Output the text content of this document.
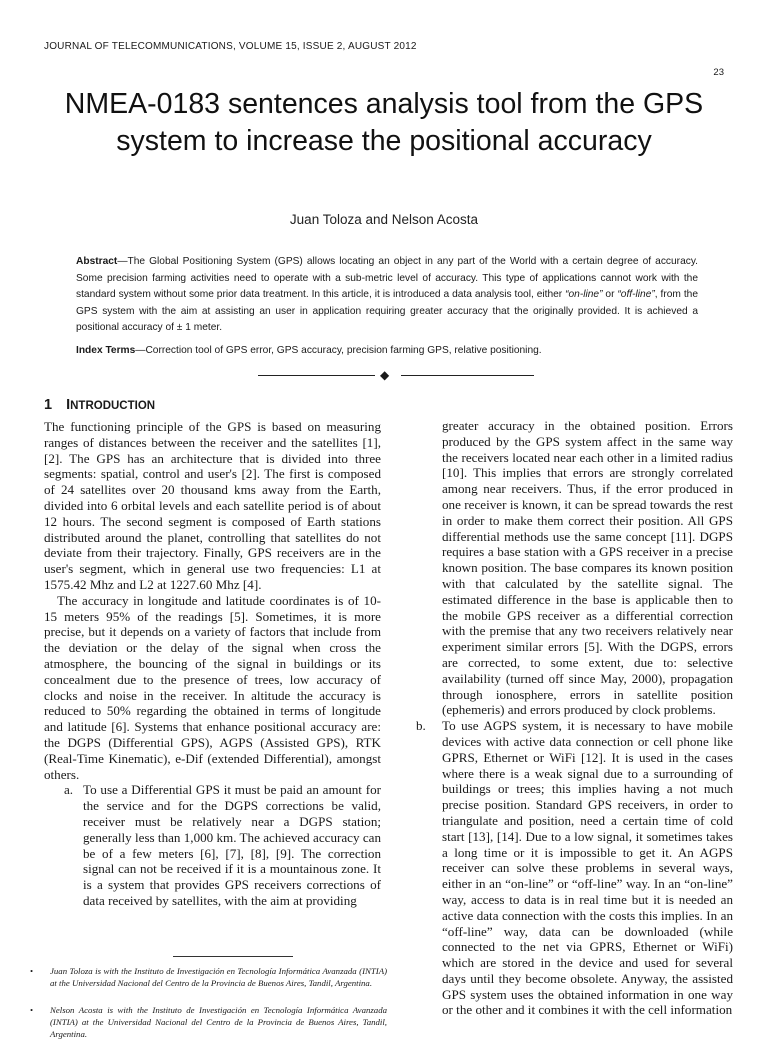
JOURNAL OF TELECOMMUNICATIONS, VOLUME 15, ISSUE 2, AUGUST 2012
23
NMEA-0183 sentences analysis tool from the GPS system to increase the positional accuracy
Juan Toloza and Nelson Acosta
Abstract—The Global Positioning System (GPS) allows locating an object in any part of the World with a certain degree of accuracy. Some precision farming activities need to operate with a sub-metric level of accuracy. This type of applications cannot work with the standard system without some prior data treatment. In this article, it is introduced a data analysis tool, either “on-line” or “off-line”, from the GPS system with the aim at assisting an user in application requiring greater accuracy that the originally provided. It is achieved a positional accuracy of ± 1 meter.
Index Terms—Correction tool of GPS error, GPS accuracy, precision farming GPS, relative positioning.
◆
1 INTRODUCTION

The functioning principle of the GPS is based on measuring ranges of distances between the receiver and the satellites [1], [2]. The GPS has an architecture that is divided into three segments: spatial, control and user's [2]. The first is composed of 24 satellites over 20 thousand kms away from the Earth, divided into 6 orbital levels and each satellite period is of about 12 hours. The second segment is composed of Earth stations distributed around the planet, controlling that satellites do not deviate from their trajectory. Finally, GPS receivers are in the user's segment, which in general use two frequencies: L1 at 1575.42 Mhz and L2 at 1227.60 Mhz [4].

The accuracy in longitude and latitude coordinates is of 10-15 meters 95% of the readings [5]. Sometimes, it is more precise, but it depends on a variety of factors that include from the deviation or the delay of the signal when cross the atmosphere, the bouncing of the signal in buildings or its concealment due to the presence of trees, low accuracy of clocks and noise in the receiver. In altitude the accuracy is reduced to 50% regarding the obtained in terms of longitude and latitude [6]. Systems that enhance positional accuracy are: the DGPS (Differential GPS), AGPS (Assisted GPS), RTK (Real-Time Kinematic), e-Dif (extended Differential), amongst others.

a. To use a Differential GPS it must be paid an amount for the service and for the DGPS corrections be valid, receiver must be relatively near a DGPS station; generally less than 1,000 km. The achieved accuracy can be of a few meters [6], [7], [8], [9]. The correction signal can not be received if it is a mountainous zone. It is a system that provides GPS receivers corrections of data received by satellites, with the aim at providing

greater accuracy in the obtained position. Errors produced by the GPS system affect in the same way the receivers located near each other in a limited radius [10]. This implies that errors are strongly correlated among near receivers. Thus, if the error produced in one receiver is known, it can be spread towards the rest in order to make them correct their position. All GPS differential methods use the same concept [11]. DGPS requires a base station with a GPS receiver in a precise known position. The base compares its known position with that calculated by the satellite signal. The estimated difference in the base is applicable then to the mobile GPS receiver as a differential correction with the premise that any two receivers relatively near experiment similar errors [5]. With the DGPS, errors are corrected, to some extent, due to: selective availability (turned off since May, 2000), propagation through ionosphere, errors in satellite position (ephemeris) and errors produced by clock problems.

b.	To use AGPS system, it is necessary to have mobile devices with active data connection or cell phone like GPRS, Ethernet or WiFi [12]. It is used in the cases where there is a weak signal due to a surrounding of buildings or trees; this implies having a not much precise position. Standard GPS receivers, in order to triangulate and position, need a certain time of cold start [13], [14]. Due to a low signal, it sometimes takes a long time or it is impossible to get it. An AGPS receiver can solve these problems in several ways, either in an “on-line” or “off-line” way. In an “on-line” way, access to data is in real time but it is needed an active data connection with the costs this implies. In an “off-line” way, data can be downloaded (while connected to the net via GPRS, Ethernet or WiFi) which are stored in the device and used for several days until they become obsolete. Anyway, the assisted GPS system uses the obtained information in one way or the other and it combines it with the cell information
• Juan Toloza is with the Instituto de Investigación en Tecnología Informática Avanzada (INTIA) at the Universidad Nacional del Centro de la Provincia de Buenos Aires, Tandil, Argentina.
• Nelson Acosta is with the Instituto de Investigación en Tecnología Informática Avanzada (INTIA) at the Universidad Nacional del Centro de la Provincia de Buenos Aires, Tandil, Argentina.
